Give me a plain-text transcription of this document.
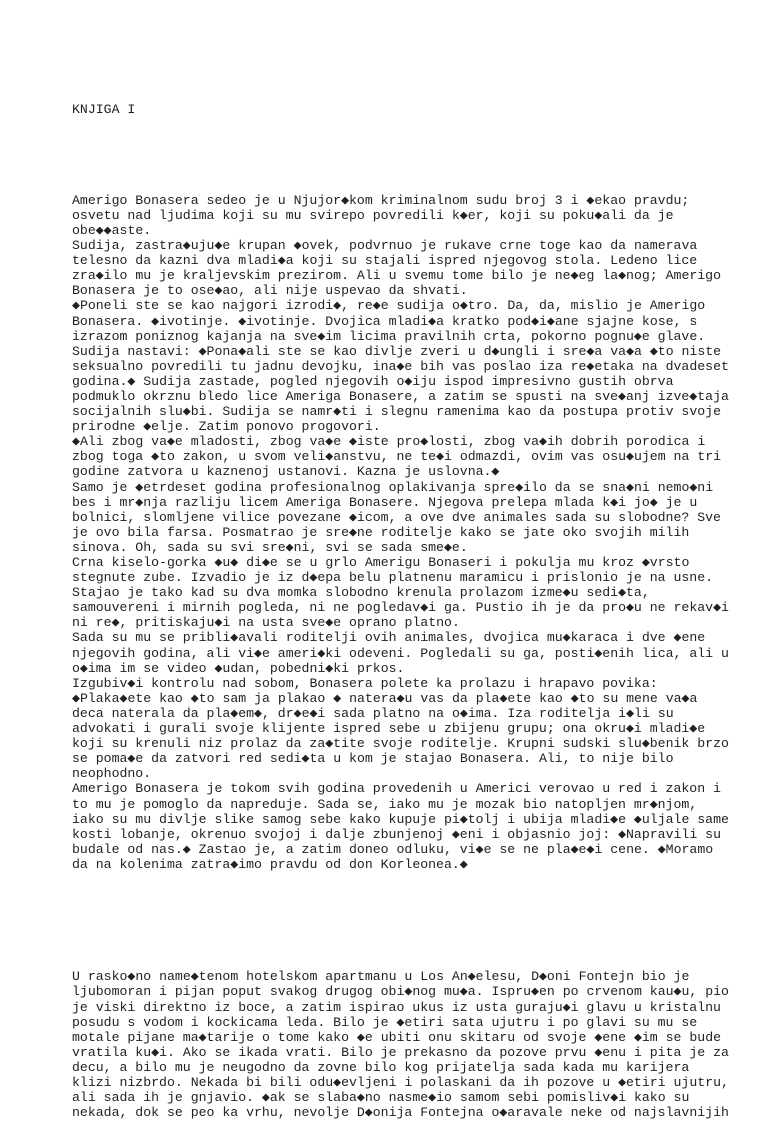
KNJIGA I

Amerigo Bonasera sedeo je u Njujor◆kom kriminalnom sudu broj 3 i ◆ekao pravdu;
osvetu nad ljudima koji su mu svirepo povredili k◆er, koji su poku◆ali da je
obe◆◆aste.
Sudija, zastra◆uju◆e krupan ◆ovek, podvrnuo je rukave crne toge kao da namerava
telesno da kazni dva mladi◆a koji su stajali ispred njegovog stola. Ledeno lice
zra◆ilo mu je kraljevskim prezirom. Ali u svemu tome bilo je ne◆eg la◆nog; Amerigo
Bonasera je to ose◆ao, ali nije uspevao da shvati.
◆Poneli ste se kao najgori izrodi◆, re◆e sudija o◆tro. Da, da, mislio je Amerigo
Bonasera. ◆ivotinje. ◆ivotinje. Dvojica mladi◆a kratko pod◆i◆ane sjajne kose, s
izrazom poniznog kajanja na sve◆im licima pravilnih crta, pokorno pognu◆e glave.
Sudija nastavi: ◆Pona◆ali ste se kao divlje zveri u d◆ungli i sre◆a va◆a ◆to niste
seksualno povredili tu jadnu devojku, ina◆e bih vas poslao iza re◆etaka na dvadeset
godina.◆ Sudija zastade, pogled njegovih o◆iju ispod impresivno gustih obrva
podmuklo okrznu bledo lice Ameriga Bonasere, a zatim se spusti na sve◆anj izve◆taja
socijalnih slu◆bi. Sudija se namr◆ti i slegnu ramenima kao da postupa protiv svoje
prirodne ◆elje. Zatim ponovo progovori.
◆Ali zbog va◆e mladosti, zbog va◆e ◆iste pro◆losti, zbog va◆ih dobrih porodica i
zbog toga ◆to zakon, u svom veli◆anstvu, ne te◆i odmazdi, ovim vas osu◆ujem na tri
godine zatvora u kaznenoj ustanovi. Kazna je uslovna.◆
Samo je ◆etrdeset godina profesionalnog oplakivanja spre◆ilo da se sna◆ni nemo◆ni
bes i mr◆nja razliju licem Ameriga Bonasere. Njegova prelepa mlada k◆i jo◆ je u
bolnici, slomljene vilice povezane ◆icom, a ove dve animales sada su slobodne? Sve
je ovo bila farsa. Posmatrao je sre◆ne roditelje kako se jate oko svojih milih
sinova. Oh, sada su svi sre◆ni, svi se sada sme◆e.
Crna kiselo-gorka ◆u◆ di◆e se u grlo Amerigu Bonaseri i pokulja mu kroz ◆vrsto
stegnute zube. Izvadio je iz d◆epa belu platnenu maramicu i prislonio je na usne.
Stajao je tako kad su dva momka slobodno krenula prolazom izme◆u sedi◆ta,
samouvereni i mirnih pogleda, ni ne pogledav◆i ga. Pustio ih je da pro◆u ne rekav◆i
ni re◆, pritiskaju◆i na usta sve◆e oprano platno.
Sada su mu se pribli◆avali roditelji ovih animales, dvojica mu◆karaca i dve ◆ene
njegovih godina, ali vi◆e ameri◆ki odeveni. Pogledali su ga, posti◆enih lica, ali u
o◆ima im se video ◆udan, pobedni◆ki prkos.
Izgubiv◆i kontrolu nad sobom, Bonasera polete ka prolazu i hrapavo povika:
◆Plaka◆ete kao ◆to sam ja plakao ◆ natera◆u vas da pla◆ete kao ◆to su mene va◆a
deca naterala da pla◆em◆, dr◆e◆i sada platno na o◆ima. Iza roditelja i◆li su
advokati i gurali svoje klijente ispred sebe u zbijenu grupu; ona okru◆i mladi◆e
koji su krenuli niz prolaz da za◆tite svoje roditelje. Krupni sudski slu◆benik brzo
se poma◆e da zatvori red sedi◆ta u kom je stajao Bonasera. Ali, to nije bilo
neophodno.
Amerigo Bonasera je tokom svih godina provedenih u Americi verovao u red i zakon i
to mu je pomoglo da napreduje. Sada se, iako mu je mozak bio natopljen mr◆njom,
iako su mu divlje slike samog sebe kako kupuje pi◆tolj i ubija mladi◆e ◆uljale same
kosti lobanje, okrenuo svojoj i dalje zbunjenoj ◆eni i objasnio joj: ◆Napravili su
budale od nas.◆ Zastao je, a zatim doneo odluku, vi◆e se ne pla◆e◆i cene. ◆Moramo
da na kolenima zatra◆imo pravdu od don Korleonea.◆

U rasko◆no name◆tenom hotelskom apartmanu u Los An◆elesu, D◆oni Fontejn bio je
ljubomoran i pijan poput svakog drugog obi◆nog mu◆a. Ispru◆en po crvenom kau◆u, pio
je viski direktno iz boce, a zatim ispirao ukus iz usta guraju◆i glavu u kristalnu
posudu s vodom i kockicama leda. Bilo je ◆etiri sata ujutru i po glavi su mu se
motale pijane ma◆tarije o tome kako ◆e ubiti onu skitaru od svoje ◆ene ◆im se bude
vratila ku◆i. Ako se ikada vrati. Bilo je prekasno da pozove prvu ◆enu i pita je za
decu, a bilo mu je neugodno da zovne bilo kog prijatelja sada kada mu karijera
klizi nizbrdo. Nekada bi bili odu◆evljeni i polaskani da ih pozove u ◆etiri ujutru,
ali sada ih je gnjavio. ◆ak se slaba◆no nasme◆io samom sebi pomisliv◆i kako su
nekada, dok se peo ka vrhu, nevolje D◆onija Fontejna o◆aravale neke od najslavnijih
